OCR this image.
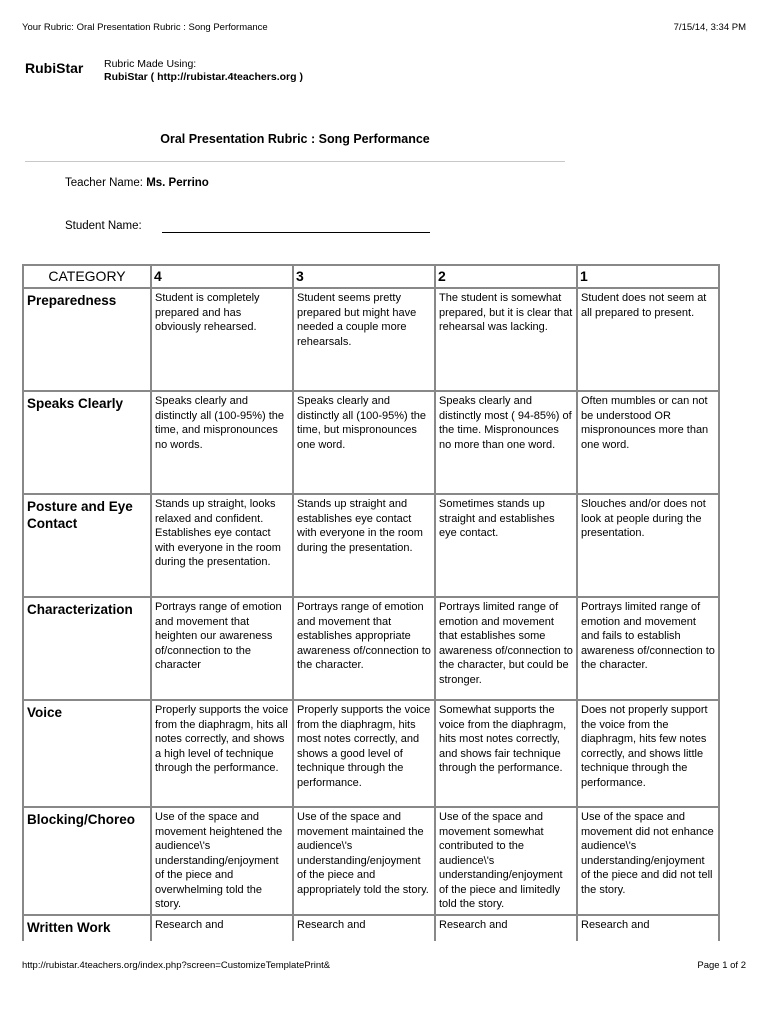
Your Rubric: Oral Presentation Rubric : Song Performance	7/15/14, 3:34 PM
RubiStar Rubric Made Using:
RubiStar ( http://rubistar.4teachers.org )
Oral Presentation Rubric : Song Performance
Teacher Name: Ms. Perrino
Student Name:
CATEGORY	4	3	2	1
Preparedness	Student is completely prepared and has obviously rehearsed.	Student seems pretty prepared but might have needed a couple more rehearsals.	The student is somewhat prepared, but it is clear that rehearsal was lacking.	Student does not seem at all prepared to present.
Speaks Clearly	Speaks clearly and distinctly all (100-95%) the time, and mispronounces no words.	Speaks clearly and distinctly all (100-95%) the time, but mispronounces one word.	Speaks clearly and distinctly most ( 94-85%) of the time. Mispronounces no more than one word.	Often mumbles or can not be understood OR mispronounces more than one word.
Posture and Eye Contact	Stands up straight, looks relaxed and confident. Establishes eye contact with everyone in the room during the presentation.	Stands up straight and establishes eye contact with everyone in the room during the presentation.	Sometimes stands up straight and establishes eye contact.	Slouches and/or does not look at people during the presentation.
Characterization	Portrays range of emotion and movement that heighten our awareness of/connection to the character	Portrays range of emotion and movement that establishes appropriate awareness of/connection to the character.	Portrays limited range of emotion and movement that establishes some awareness of/connection to the character, but could be stronger.	Portrays limited range of emotion and movement and fails to establish awareness of/connection to the character.
Voice	Properly supports the voice from the diaphragm, hits all notes correctly, and shows a high level of technique through the performance.	Properly supports the voice from the diaphragm, hits most notes correctly, and shows a good level of technique through the performance.	Somewhat supports the voice from the diaphragm, hits most notes correctly, and shows fair technique through the performance.	Does not properly support the voice from the diaphragm, hits few notes correctly, and shows little technique through the performance.
Blocking/Choreo	Use of the space and movement heightened the audience\'s understanding/enjoyment of the piece and overwhelming told the story.	Use of the space and movement maintained the audience\'s understanding/enjoyment of the piece and appropriately told the story.	Use of the space and movement somewhat contributed to the audience\'s understanding/enjoyment of the piece and limitedly told the story.	Use of the space and movement did not enhance audience\'s understanding/enjoyment of the piece and did not tell the story.
Written Work	Research and	Research and	Research and	Research and
http://rubistar.4teachers.org/index.php?screen=CustomizeTemplatePrint&	Page 1 of 2
